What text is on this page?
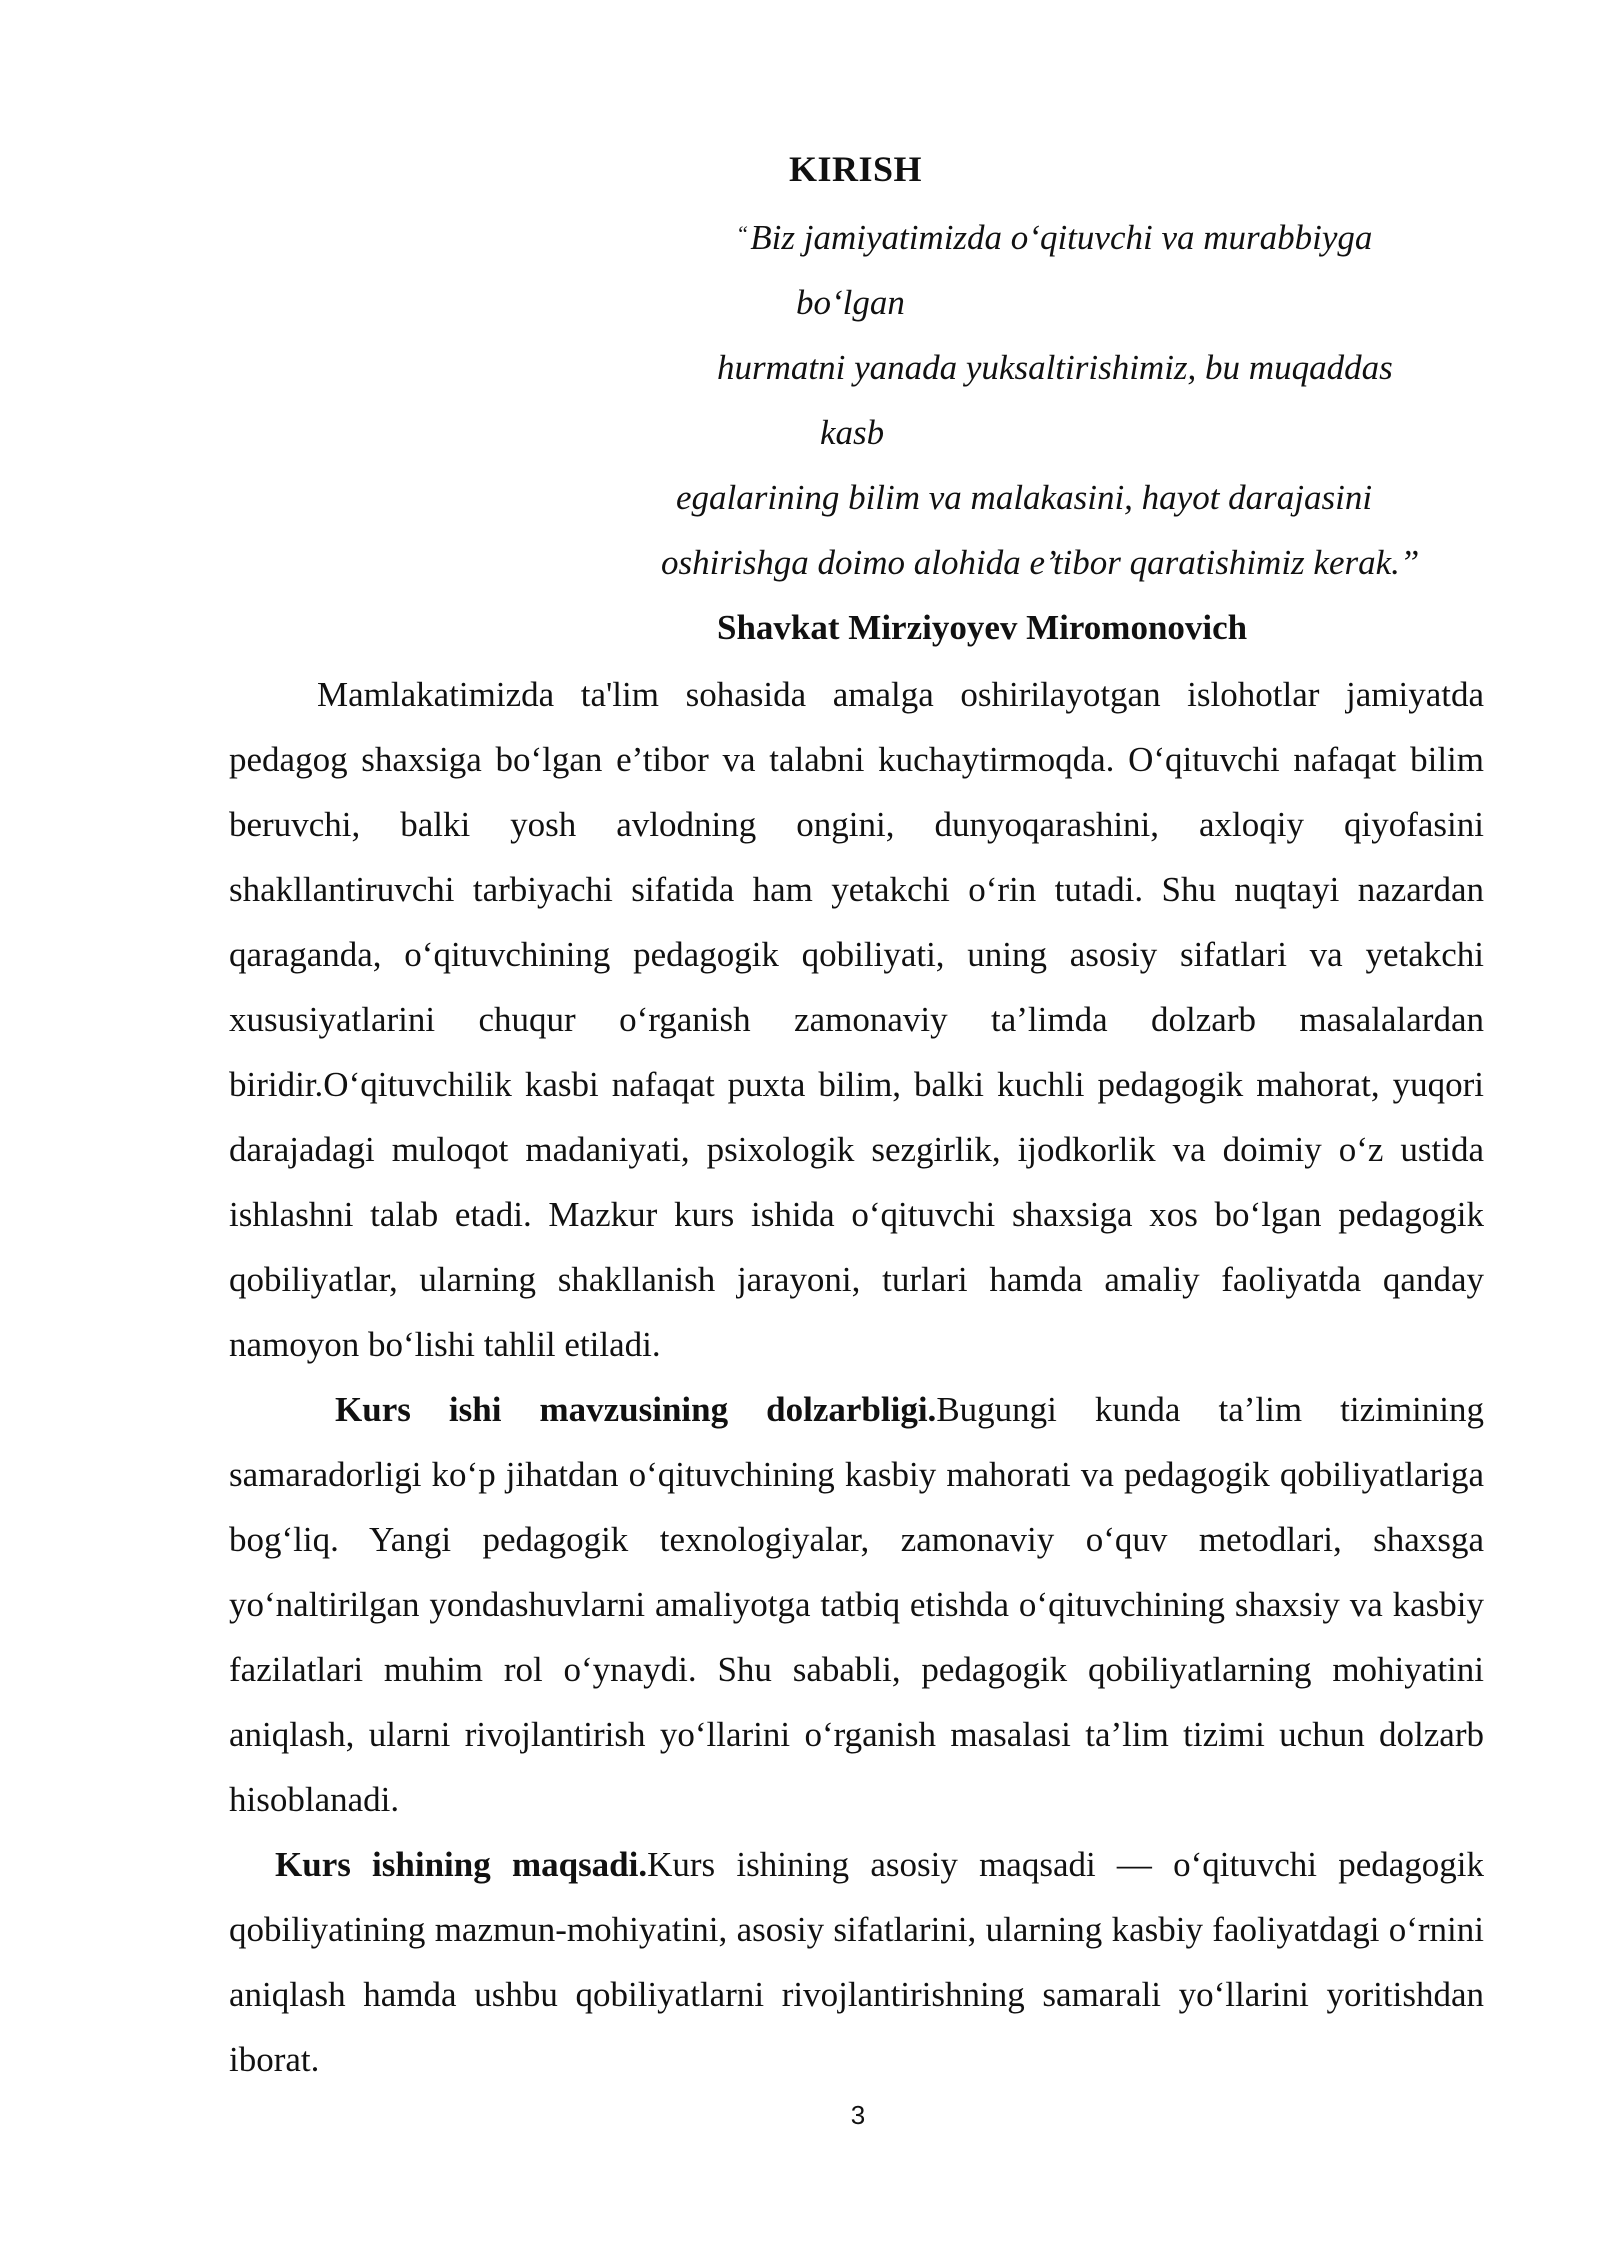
KIRISH
“Biz jamiyatimizda o‘qituvchi va murabbiyga
bo‘lgan
hurmatni yanada yuksaltirishimiz, bu muqaddas
kasb
egalarining bilim va malakasini, hayot darajasini
oshirishga doimo alohida e’tibor qaratishimiz kerak.”
Shavkat Mirziyoyev Miromonovich

Mamlakatimizda ta'lim sohasida amalga oshirilayotgan islohotlar jamiyatda pedagog shaxsiga bo‘lgan e’tibor va talabni kuchaytirmoqda. O‘qituvchi nafaqat bilim beruvchi, balki yosh avlodning ongini, dunyoqarashini, axloqiy qiyofasini shakllantiruvchi tarbiyachi sifatida ham yetakchi o‘rin tutadi. Shu nuqtayi nazardan qaraganda, o‘qituvchining pedagogik qobiliyati, uning asosiy sifatlari va yetakchi xususiyatlarini chuqur o‘rganish zamonaviy ta’limda dolzarb masalalardan biridir.O‘qituvchilik kasbi nafaqat puxta bilim, balki kuchli pedagogik mahorat, yuqori darajadagi muloqot madaniyati, psixologik sezgirlik, ijodkorlik va doimiy o‘z ustida ishlashni talab etadi. Mazkur kurs ishida o‘qituvchi shaxsiga xos bo‘lgan pedagogik qobiliyatlar, ularning shakllanish jarayoni, turlari hamda amaliy faoliyatda qanday namoyon bo‘lishi tahlil etiladi.

Kurs ishi mavzusining dolzarbligi.Bugungi kunda ta’lim tizimining samaradorligi ko‘p jihatdan o‘qituvchining kasbiy mahorati va pedagogik qobiliyatlariga bog‘liq. Yangi pedagogik texnologiyalar, zamonaviy o‘quv metodlari, shaxsga yo‘naltirilgan yondashuvlarni amaliyotga tatbiq etishda o‘qituvchining shaxsiy va kasbiy fazilatlari muhim rol o‘ynaydi. Shu sababli, pedagogik qobiliyatlarning mohiyatini aniqlash, ularni rivojlantirish yo‘llarini o‘rganish masalasi ta’lim tizimi uchun dolzarb hisoblanadi.

Kurs ishining maqsadi.Kurs ishining asosiy maqsadi — o‘qituvchi pedagogik qobiliyatining mazmun-mohiyatini, asosiy sifatlarini, ularning kasbiy faoliyatdagi o‘rnini aniqlash hamda ushbu qobiliyatlarni rivojlantirishning samarali yo‘llarini yoritishdan iborat.

3
